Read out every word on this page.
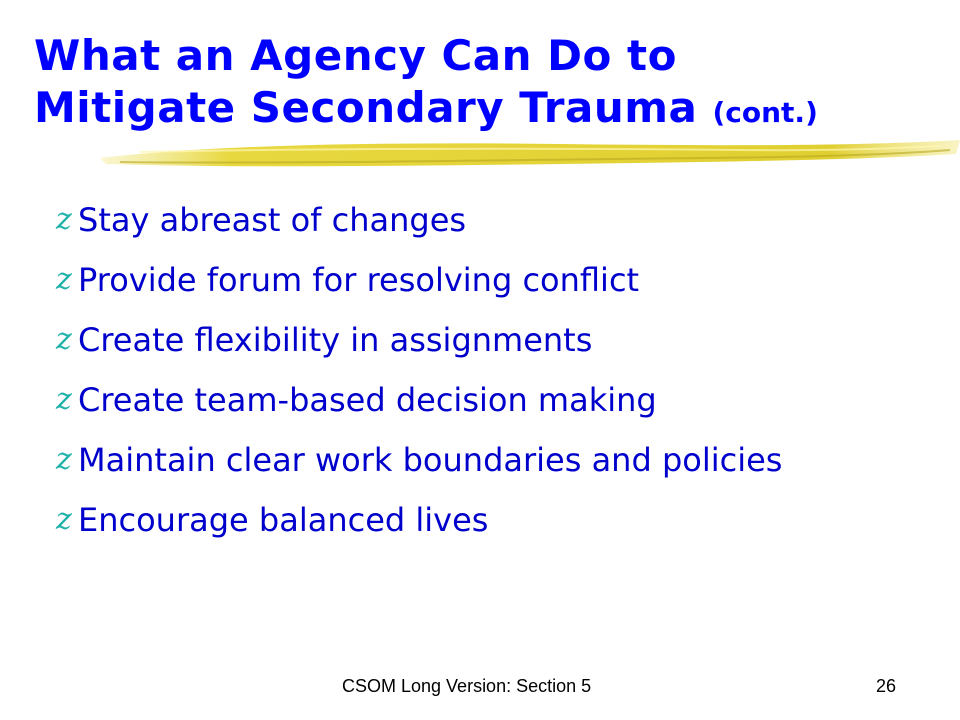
What an Agency Can Do to
Mitigate Secondary Trauma (cont.)
z Stay abreast of changes
z Provide forum for resolving conflict
z Create flexibility in assignments
z Create team-based decision making
z Maintain clear work boundaries and policies
z Encourage balanced lives
CSOM Long Version: Section 5	26
